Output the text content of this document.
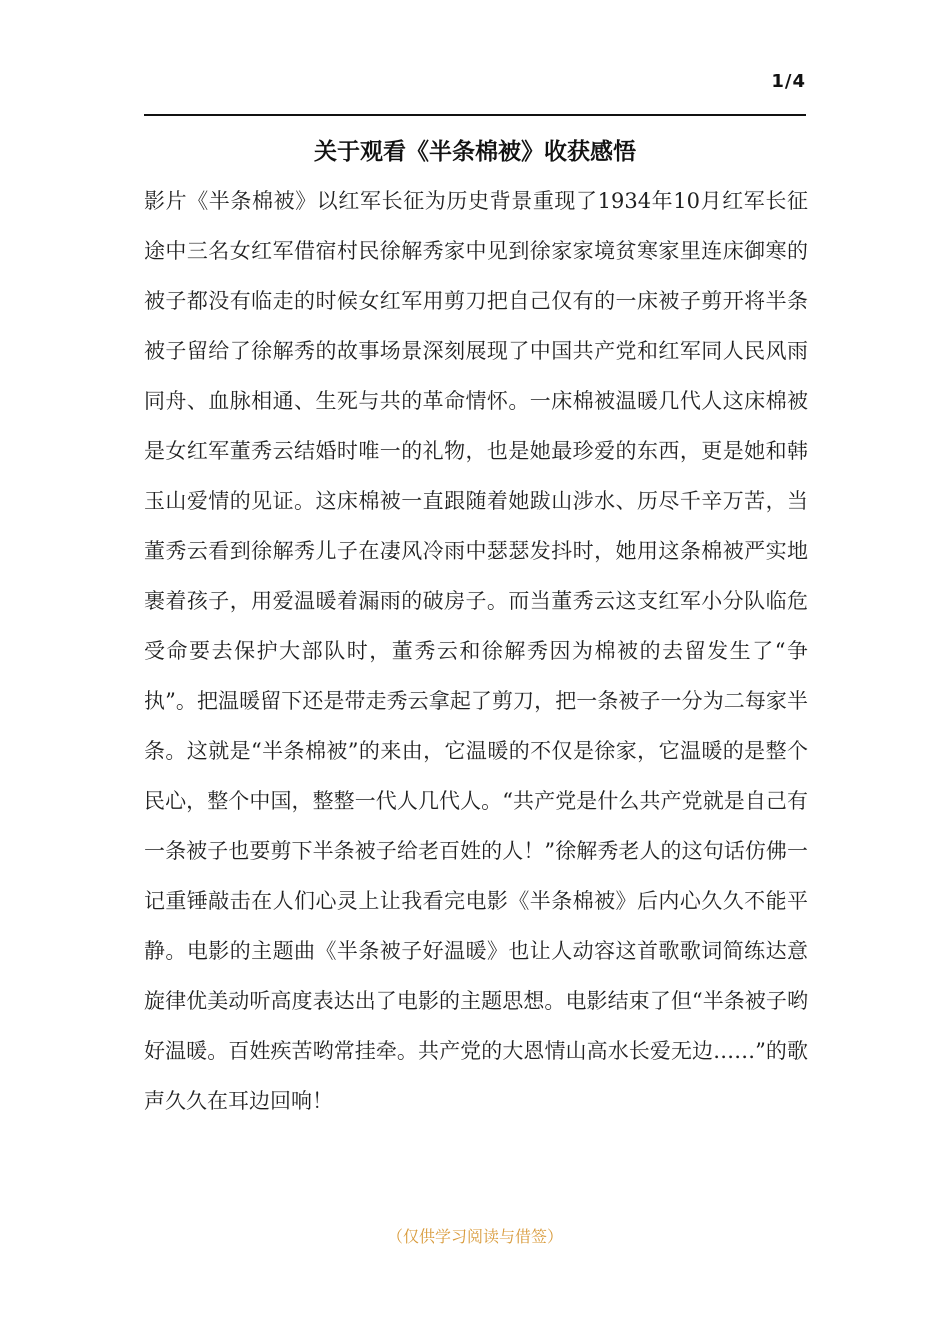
1/4
关于观看《半条棉被》收获感悟

影片《半条棉被》以红军长征为历史背景重现了1934年10月红军长征途中三名女红军借宿村民徐解秀家中见到徐家家境贫寒家里连床御寒的被子都没有临走的时候女红军用剪刀把自己仅有的一床被子剪开将半条被子留给了徐解秀的故事场景深刻展现了中国共产党和红军同人民风雨同舟、血脉相通、生死与共的革命情怀。一床棉被温暖几代人这床棉被是女红军董秀云结婚时唯一的礼物，也是她最珍爱的东西，更是她和韩玉山爱情的见证。这床棉被一直跟随着她跋山涉水、历尽千辛万苦，当董秀云看到徐解秀儿子在凄风冷雨中瑟瑟发抖时，她用这条棉被严实地裹着孩子，用爱温暖着漏雨的破房子。而当董秀云这支红军小分队临危受命要去保护大部队时，董秀云和徐解秀因为棉被的去留发生了“争执”。把温暖留下还是带走秀云拿起了剪刀，把一条被子一分为二每家半条。这就是“半条棉被”的来由，它温暖的不仅是徐家，它温暖的是整个民心，整个中国，整整一代人几代人。“共产党是什么共产党就是自己有一条被子也要剪下半条被子给老百姓的人！”徐解秀老人的这句话仿佛一记重锤敲击在人们心灵上让我看完电影《半条棉被》后内心久久不能平静。电影的主题曲《半条被子好温暖》也让人动容这首歌歌词简练达意旋律优美动听高度表达出了电影的主题思想。电影结束了但“半条被子哟好温暖。百姓疾苦哟常挂牵。共产党的大恩情山高水长爱无边……”的歌声久久在耳边回响！

（仅供学习阅读与借签）
